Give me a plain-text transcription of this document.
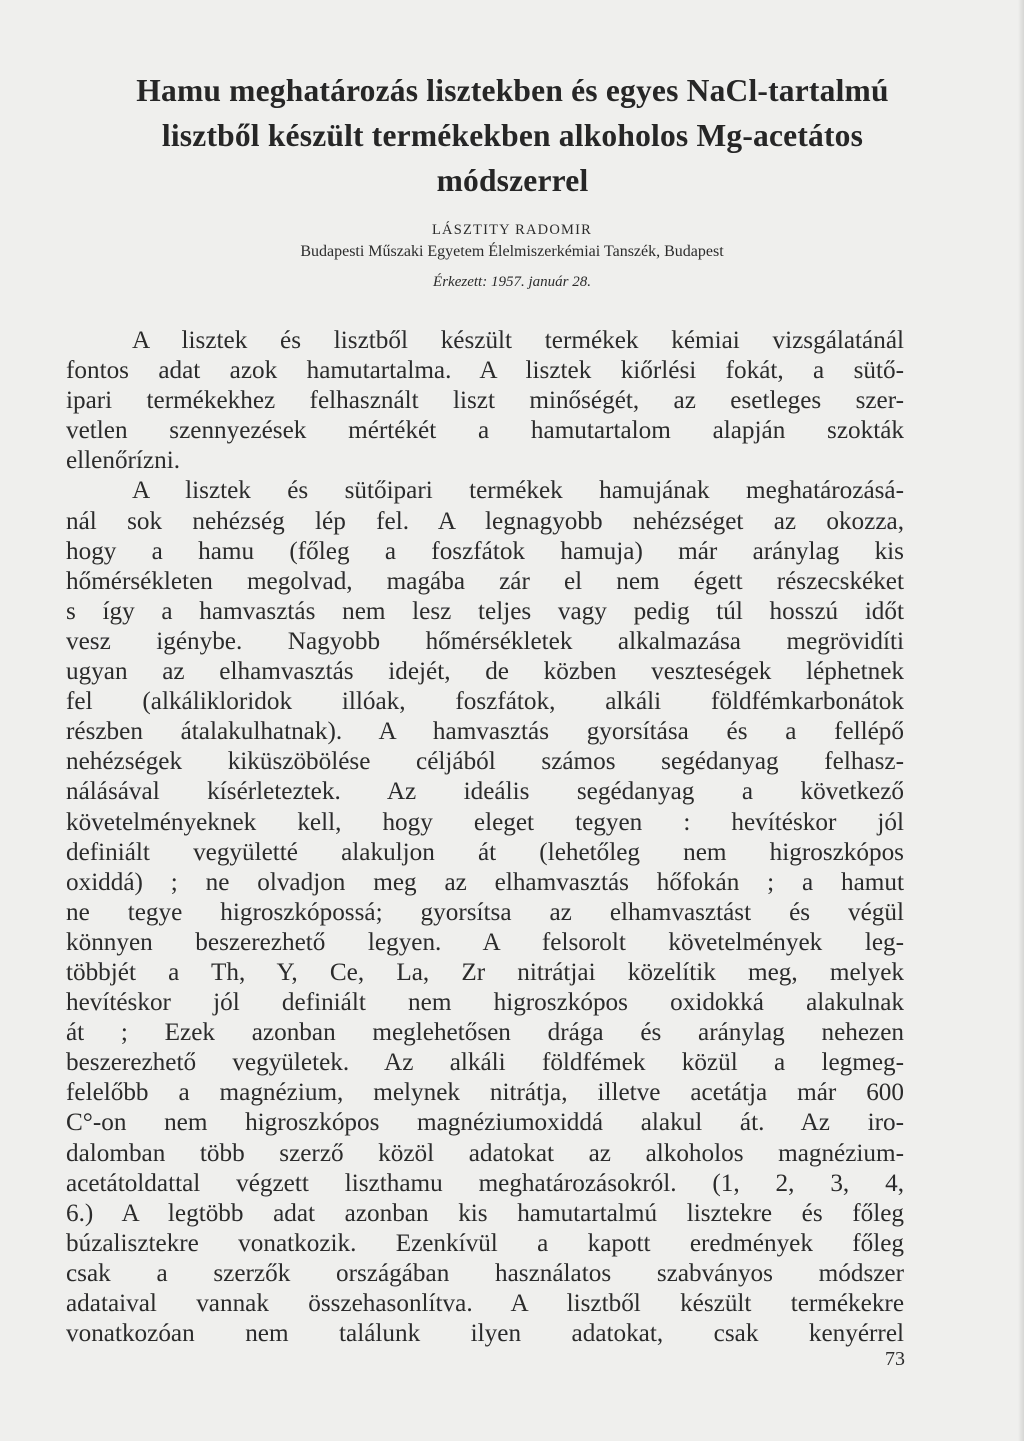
Hamu meghatározás lisztekben és egyes NaCl-tartalmú
lisztből készült termékekben alkoholos Mg-acetátos
módszerrel

LÁSZTITY RADOMIR

Budapesti Műszaki Egyetem Élelmiszerkémiai Tanszék, Budapest

Érkezett: 1957. január 28.

A lisztek és lisztből készült termékek kémiai vizsgálatánál
fontos adat azok hamutartalma. A lisztek kiőrlési fokát, a sütő-
ipari termékekhez felhasznált liszt minőségét, az esetleges szer-
vetlen szennyezések mértékét a hamutartalom alapján szokták
ellenőrízni.
A lisztek és sütőipari termékek hamujának meghatározásá-
nál sok nehézség lép fel. A legnagyobb nehézséget az okozza,
hogy a hamu (főleg a foszfátok hamuja) már aránylag kis
hőmérsékleten megolvad, magába zár el nem égett részecskéket
s így a hamvasztás nem lesz teljes vagy pedig túl hosszú időt
vesz igénybe. Nagyobb hőmérsékletek alkalmazása megrövidíti
ugyan az elhamvasztás idejét, de közben veszteségek léphetnek
fel (alkálikloridok illóak, foszfátok, alkáli földfémkarbonátok
részben átalakulhatnak). A hamvasztás gyorsítása és a fellépő
nehézségek kiküszöbölése céljából számos segédanyag felhasz-
nálásával kísérleteztek. Az ideális segédanyag a következő
követelményeknek kell, hogy eleget tegyen : hevítéskor jól
definiált vegyületté alakuljon át (lehetőleg nem higroszkópos
oxiddá) ; ne olvadjon meg az elhamvasztás hőfokán ; a hamut
ne tegye higroszkópossá; gyorsítsa az elhamvasztást és végül
könnyen beszerezhető legyen. A felsorolt követelmények leg-
többjét a Th, Y, Ce, La, Zr nitrátjai közelítik meg, melyek
hevítéskor jól definiált nem higroszkópos oxidokká alakulnak
át ; Ezek azonban meglehetősen drága és aránylag nehezen
beszerezhető vegyületek. Az alkáli földfémek közül a legmeg-
felelőbb a magnézium, melynek nitrátja, illetve acetátja már 600
C°-on nem higroszkópos magnéziumoxiddá alakul át. Az iro-
dalomban több szerző közöl adatokat az alkoholos magnézium-
acetátoldattal végzett liszthamu meghatározásokról. (1, 2, 3, 4,
6.) A legtöbb adat azonban kis hamutartalmú lisztekre és főleg
búzalisztekre vonatkozik. Ezenkívül a kapott eredmények főleg
csak a szerzők országában használatos szabványos módszer
adataival vannak összehasonlítva. A lisztből készült termékekre
vonatkozóan nem találunk ilyen adatokat, csak kenyérrel

73
